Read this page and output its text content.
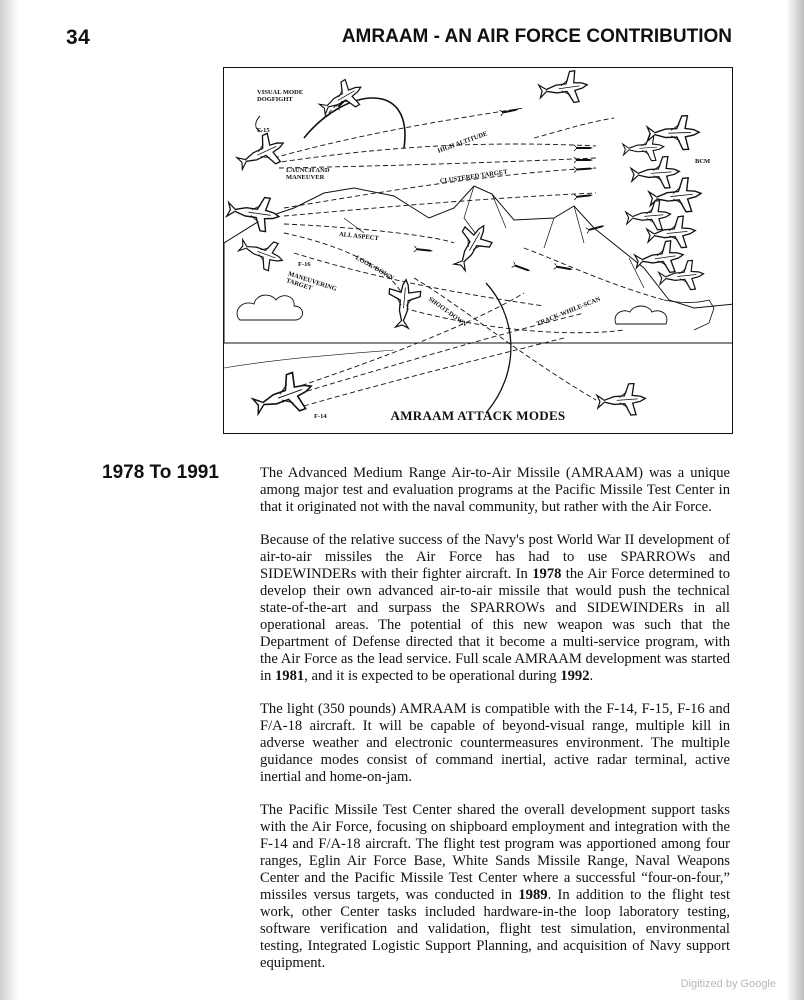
34	AMRAAM - AN AIR FORCE CONTRIBUTION
VISUAL MODE
DOGFIGHT
F-15
LAUNCH AND
MANEUVER
F-16
MANEUVERING
TARGET
F-14
BCM
HIGH ALTITUDE
CLUSTERED TARGET
ALL ASPECT
LOOK-DOWN
SHOOT-DOWN	TRACK-WHILE-SCAN
AMRAAM ATTACK MODES
1978 To 1991	The Advanced Medium Range Air-to-Air Missile (AMRAAM) was a unique among major test and evaluation programs at the Pacific Missile Test Center in that it originated not with the naval community, but rather with the Air Force.

Because of the relative success of the Navy's post World War II development of air-to-air missiles the Air Force has had to use SPARROWs and SIDEWINDERs with their fighter aircraft. In 1978 the Air Force determined to develop their own advanced air-to-air missile that would push the technical state-of-the-art and surpass the SPARROWs and SIDEWINDERs in all operational areas. The potential of this new weapon was such that the Department of Defense directed that it become a multi-service program, with the Air Force as the lead service. Full scale AMRAAM development was started in 1981, and it is expected to be operational during 1992.

The light (350 pounds) AMRAAM is compatible with the F-14, F-15, F-16 and F/A-18 aircraft. It will be capable of beyond-visual range, multiple kill in adverse weather and electronic countermeasures environment. The multiple guidance modes consist of command inertial, active radar terminal, active inertial and home-on-jam.

The Pacific Missile Test Center shared the overall development support tasks with the Air Force, focusing on shipboard employment and integration with the F-14 and F/A-18 aircraft. The flight test program was apportioned among four ranges, Eglin Air Force Base, White Sands Missile Range, Naval Weapons Center and the Pacific Missile Test Center where a successful “four-on-four,” missiles versus targets, was conducted in 1989. In addition to the flight test work, other Center tasks included hardware-in-the loop laboratory testing, software verification and validation, flight test simulation, environmental testing, Integrated Logistic Support Planning, and acquisition of Navy support equipment.

Digitized by Google
